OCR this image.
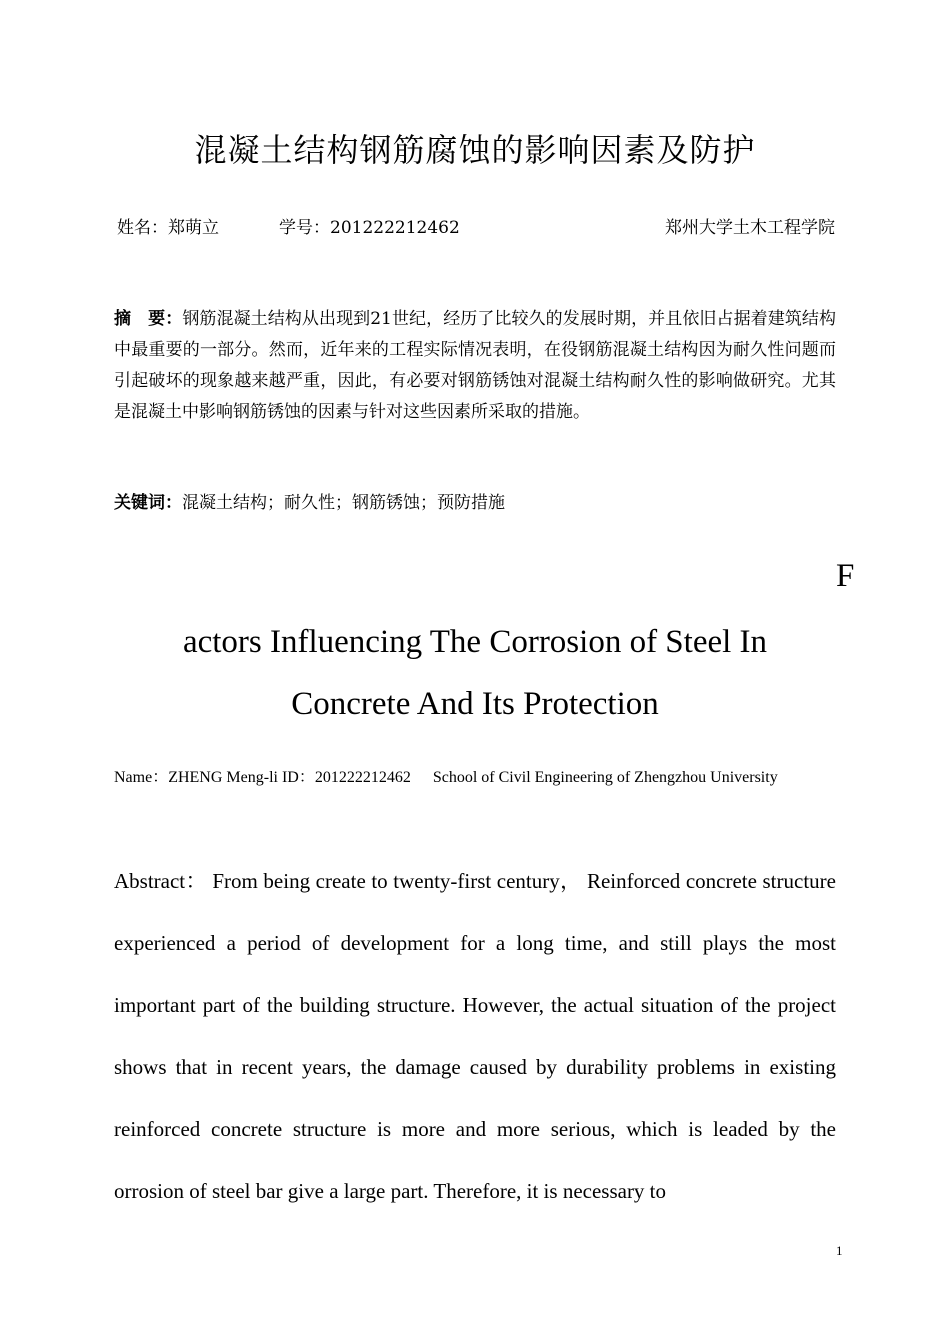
混凝土结构钢筋腐蚀的影响因素及防护
姓名：郑萌立	学号：201222212462	郑州大学土木工程学院
摘　要：钢筋混凝土结构从出现到21世纪，经历了比较久的发展时期，并且依旧占据着建筑结构中最重要的一部分。然而，近年来的工程实际情况表明，在役钢筋混凝土结构因为耐久性问题而引起破坏的现象越来越严重，因此，有必要对钢筋锈蚀对混凝土结构耐久性的影响做研究。尤其是混凝土中影响钢筋锈蚀的因素与针对这些因素所采取的措施。
关键词：混凝土结构；耐久性；钢筋锈蚀；预防措施
F
actors Influencing The Corrosion of Steel In
Concrete And Its Protection
Name：ZHENG Meng-li ID：201222212462 School of Civil Engineering of Zhengzhou University
Abstract： From being create to twenty-first century， Reinforced concrete structure experienced a period of development for a long time, and still plays the most important part of the building structure. However, the actual situation of the project shows that in recent years, the damage caused by durability problems in existing reinforced concrete structure is more and more serious, which is leaded by the orrosion of steel bar give a large part. Therefore, it is necessary to
1
